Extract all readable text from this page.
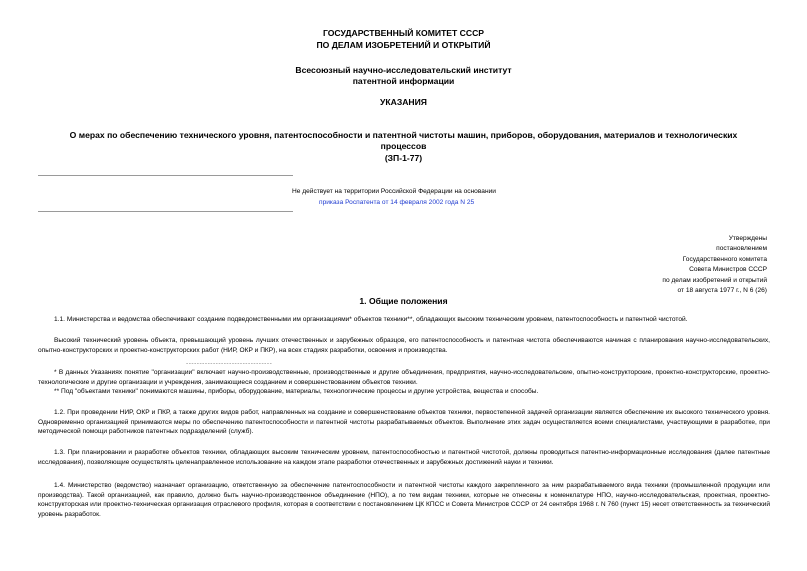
ГОСУДАРСТВЕННЫЙ КОМИТЕТ СССР
ПО ДЕЛАМ ИЗОБРЕТЕНИЙ И ОТКРЫТИЙ
Всесоюзный научно-исследовательский институт
патентной информации
УКАЗАНИЯ
О мерах по обеспечению технического уровня, патентоспособности и патентной чистоты машин, приборов, оборудования, материалов и технологических
процессов
(ЗП-1-77)
Не действует на территории Российской Федерации на основании
приказа Роспатента от 14 февраля 2002 года N 25
Утверждены
постановлением
Государственного комитета
Совета Министров СССР
по делам изобретений и открытий
от 18 августа 1977 г., N 6 (26)
1. Общие положения
1.1. Министерства и ведомства обеспечивают создание подведомственными им организациями* объектов техники**, обладающих высоким техническим уровнем, патентоспособность и патентной чистотой.
Высокий технический уровень объекта, превышающий уровень лучших отечественных и зарубежных образцов, его патентоспособность и патентная чистота обеспечиваются начиная с планирования научно-исследовательских, опытно-конструкторских и проектно-конструкторских работ (НИР, ОКР и ПКР), на всех стадиях разработки, освоения и производства.
--------------------------------
* В данных Указаниях понятие "организации" включает научно-производственные, производственные и другие объединения, предприятия, научно-исследовательские, опытно-конструкторские, проектно-конструкторские, проектно-технологические и другие организации и учреждения, занимающиеся созданием и совершенствованием объектов техники.
** Под "объектами техники" понимаются машины, приборы, оборудование, материалы, технологические процессы и другие устройства, вещества и способы.
1.2. При проведении НИР, ОКР и ПКР, а также других видов работ, направленных на создание и совершенствование объектов техники, первостепенной задачей организации является обеспечение их высокого технического уровня. Одновременно организацией принимаются меры по обеспечению патентоспособности и патентной чистоты разрабатываемых объектов. Выполнение этих задач осуществляется всеми специалистами, участвующими в разработке, при методической помощи работников патентных подразделений (служб).
1.3. При планировании и разработке объектов техники, обладающих высоким техническим уровнем, патентоспособностью и патентной чистотой, должны проводиться патентно-информационные исследования (далее патентные исследования), позволяющие осуществлять целенаправленное использование на каждом этапе разработки отечественных и зарубежных достижений науки и техники.
1.4. Министерство (ведомство) назначает организацию, ответственную за обеспечение патентоспособности и патентной чистоты каждого закрепленного за ним разрабатываемого вида техники (промышленной продукции или производства). Такой организацией, как правило, должно быть научно-производственное объединение (НПО), а по тем видам техники, которые не отнесены к номенклатуре НПО, научно-исследовательская, проектная, проектно-конструкторская или проектно-техническая организация отраслевого профиля, которая в соответствии с постановлением ЦК КПСС и Совета Министров СССР от 24 сентября 1968 г. N 760 (пункт 15) несет ответственность за технический уровень разработок.
